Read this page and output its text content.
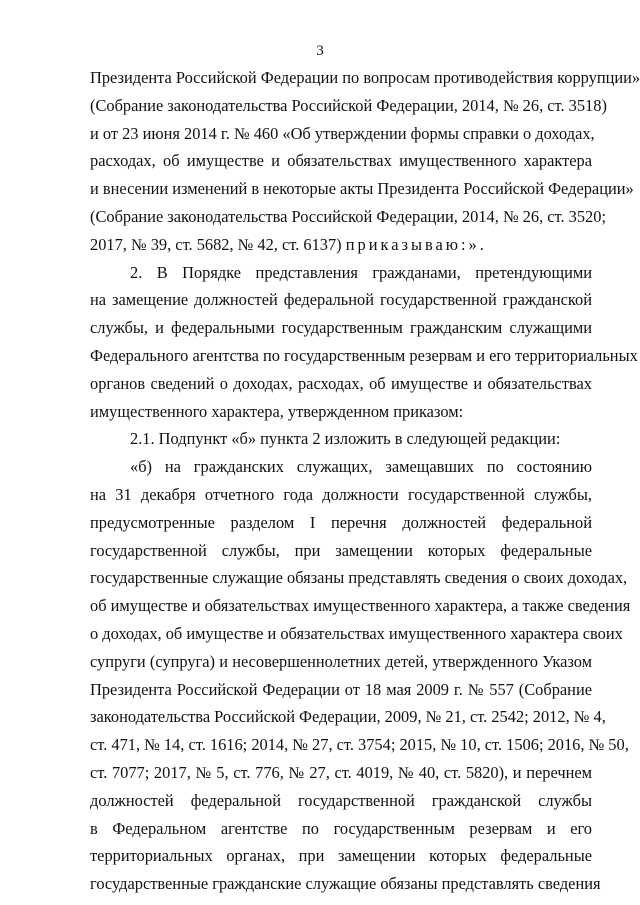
3
Президента Российской Федерации по вопросам противодействия коррупции»
(Собрание законодательства Российской Федерации, 2014, № 26, ст. 3518)
и от 23 июня 2014 г. № 460 «Об утверждении формы справки о доходах,
расходах, об имуществе и обязательствах имущественного характера
и внесении изменений в некоторые акты Президента Российской Федерации»
(Собрание законодательства Российской Федерации, 2014, № 26, ст. 3520;
2017, № 39, ст. 5682, № 42, ст. 6137) приказываю:».
2. В Порядке представления гражданами, претендующими
на замещение должностей федеральной государственной гражданской
службы, и федеральными государственным гражданским служащими
Федерального агентства по государственным резервам и его территориальных
органов сведений о доходах, расходах, об имуществе и обязательствах
имущественного характера, утвержденном приказом:
2.1. Подпункт «б» пункта 2 изложить в следующей редакции:
«б) на гражданских служащих, замещавших по состоянию
на 31 декабря отчетного года должности государственной службы,
предусмотренные разделом I перечня должностей федеральной
государственной службы, при замещении которых федеральные
государственные служащие обязаны представлять сведения о своих доходах,
об имуществе и обязательствах имущественного характера, а также сведения
о доходах, об имуществе и обязательствах имущественного характера своих
супруги (супруга) и несовершеннолетних детей, утвержденного Указом
Президента Российской Федерации от 18 мая 2009 г. № 557 (Собрание
законодательства Российской Федерации, 2009, № 21, ст. 2542; 2012, № 4,
ст. 471, № 14, ст. 1616; 2014, № 27, ст. 3754; 2015, № 10, ст. 1506; 2016, № 50,
ст. 7077; 2017, № 5, ст. 776, № 27, ст. 4019, № 40, ст. 5820), и перечнем
должностей федеральной государственной гражданской службы
в Федеральном агентстве по государственным резервам и его
территориальных органах, при замещении которых федеральные
государственные гражданские служащие обязаны представлять сведения
